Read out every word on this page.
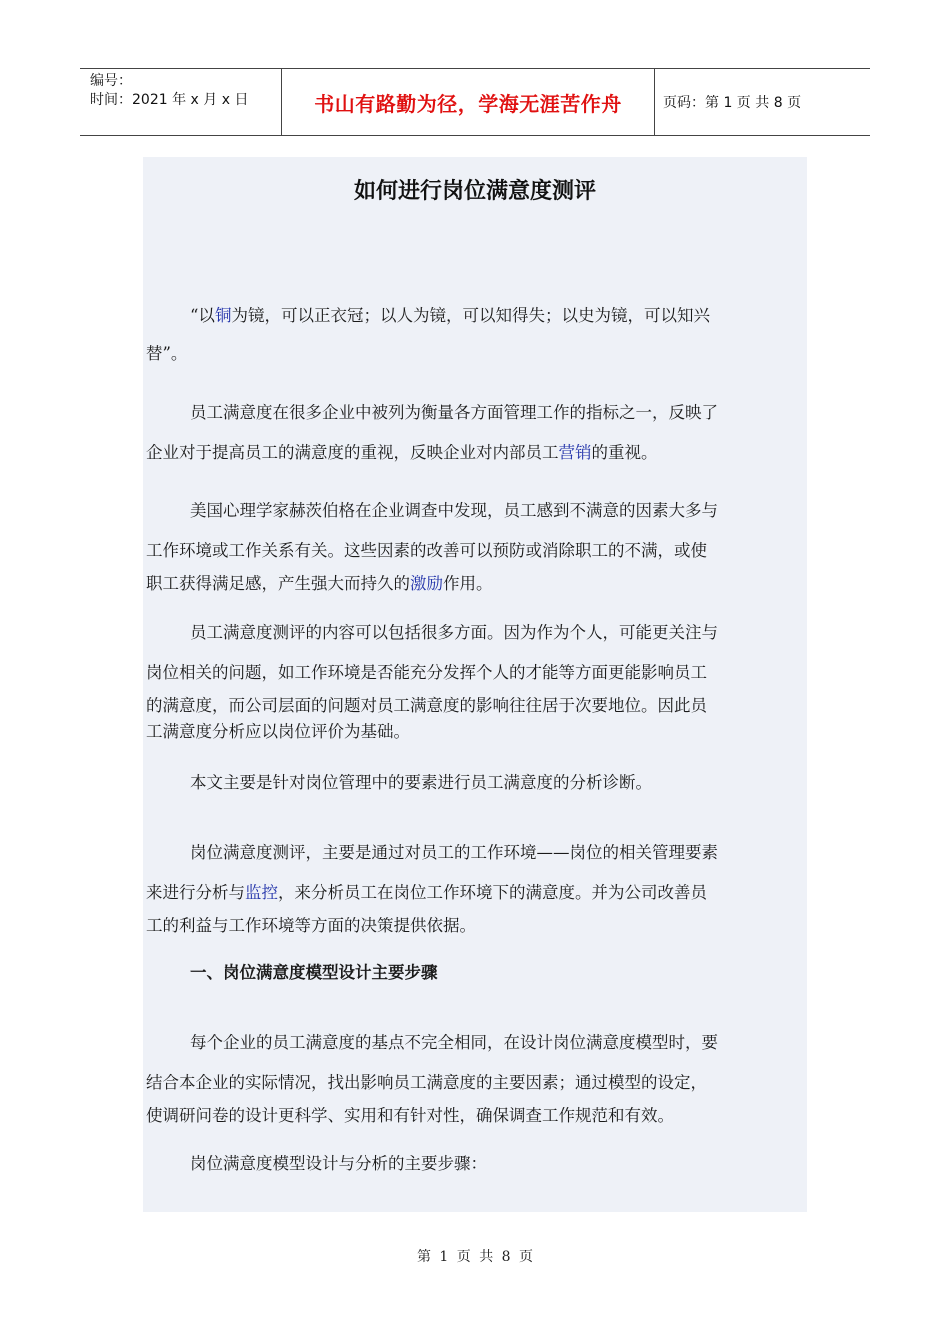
编号：
时间：2021 年 x 月 x 日	书山有路勤为径，学海无涯苦作舟	页码：第 1 页 共 8 页
如何进行岗位满意度测评
“以铜为镜，可以正衣冠；以人为镜，可以知得失；以史为镜，可以知兴
替”。
员工满意度在很多企业中被列为衡量各方面管理工作的指标之一，反映了
企业对于提高员工的满意度的重视，反映企业对内部员工营销的重视。
美国心理学家赫茨伯格在企业调查中发现，员工感到不满意的因素大多与
工作环境或工作关系有关。这些因素的改善可以预防或消除职工的不满，或使
职工获得满足感，产生强大而持久的激励作用。
员工满意度测评的内容可以包括很多方面。因为作为个人，可能更关注与
岗位相关的问题，如工作环境是否能充分发挥个人的才能等方面更能影响员工
的满意度，而公司层面的问题对员工满意度的影响往往居于次要地位。因此员
工满意度分析应以岗位评价为基础。
本文主要是针对岗位管理中的要素进行员工满意度的分析诊断。
岗位满意度测评，主要是通过对员工的工作环境——岗位的相关管理要素
来进行分析与监控，来分析员工在岗位工作环境下的满意度。并为公司改善员
工的利益与工作环境等方面的决策提供依据。
一、岗位满意度模型设计主要步骤
每个企业的员工满意度的基点不完全相同，在设计岗位满意度模型时，要
结合本企业的实际情况，找出影响员工满意度的主要因素；通过模型的设定，
使调研问卷的设计更科学、实用和有针对性，确保调查工作规范和有效。
岗位满意度模型设计与分析的主要步骤：
第 1 页 共 8 页
